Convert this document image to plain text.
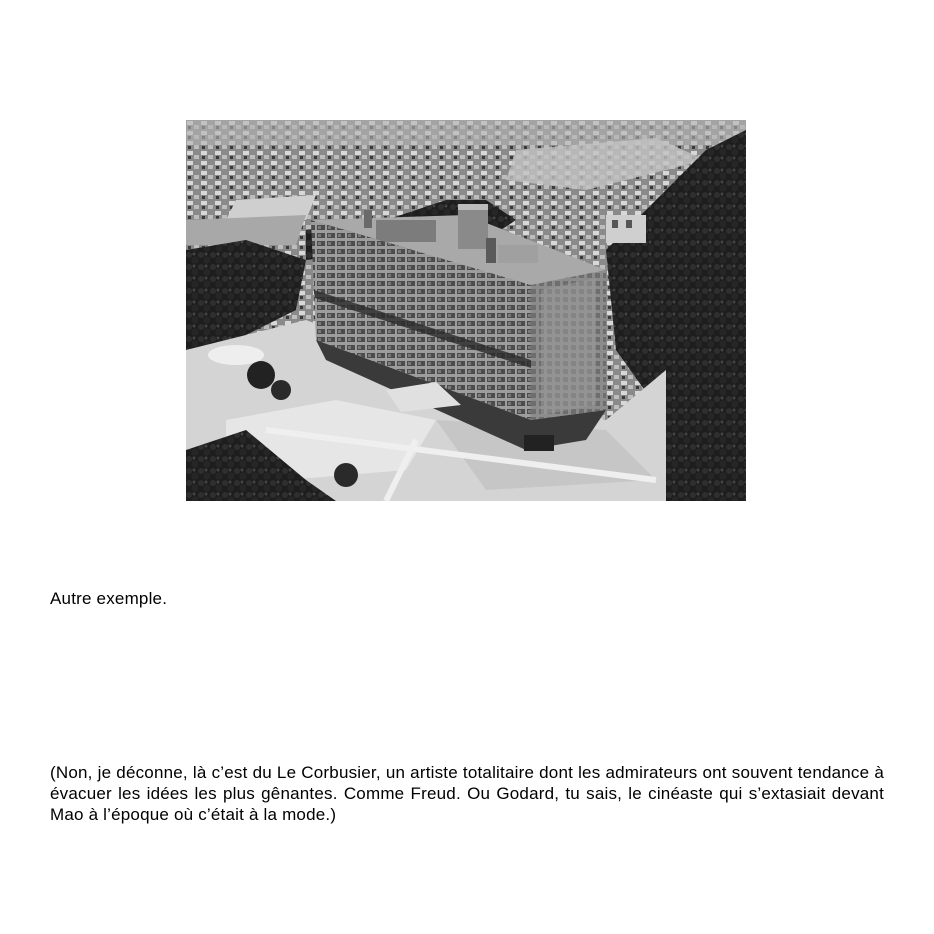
Autre exemple.
(Non, je déconne, là c’est du Le Corbusier, un artiste totalitaire dont les admirateurs ont souvent tendance à évacuer les idées les plus gênantes. Comme Freud. Ou Godard, tu sais, le cinéaste qui s’extasiait devant Mao à l’époque où c’était à la mode.)
